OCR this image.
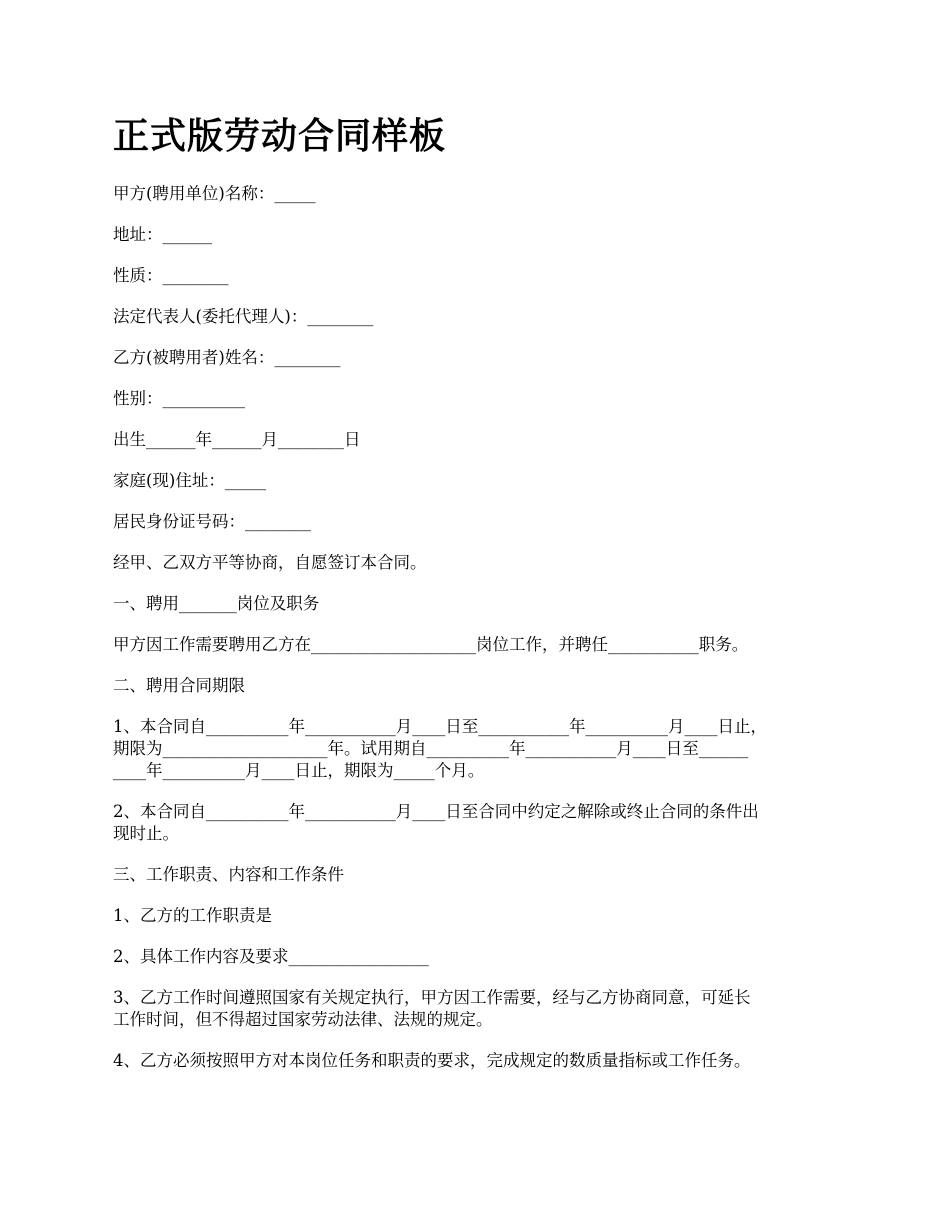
正式版劳动合同样板

甲方(聘用单位)名称：_____

地址：______

性质：________

法定代表人(委托代理人)：________

乙方(被聘用者)姓名：________

性别：__________

出生______年______月________日

家庭(现)住址：_____

居民身份证号码：________

经甲、乙双方平等协商，自愿签订本合同。

一、聘用_______岗位及职务

甲方因工作需要聘用乙方在____________________岗位工作，并聘任___________职务。

二、聘用合同期限

1、本合同自__________年___________月____日至___________年__________月____日止，
期限为____________________年。试用期自__________年___________月____日至______
____年__________月____日止，期限为_____个月。
2、本合同自__________年___________月____日至合同中约定之解除或终止合同的条件出
现时止。

三、工作职责、内容和工作条件

1、乙方的工作职责是

2、具体工作内容及要求_________________

3、乙方工作时间遵照国家有关规定执行，甲方因工作需要，经与乙方协商同意，可延长
工作时间，但不得超过国家劳动法律、法规的规定。

4、乙方必须按照甲方对本岗位任务和职责的要求，完成规定的数质量指标或工作任务。
